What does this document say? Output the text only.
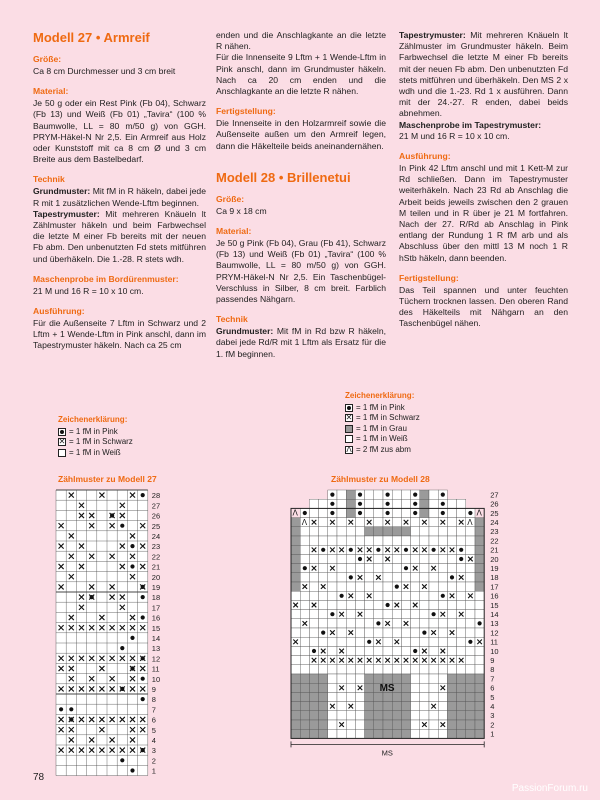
Modell 27 • Armreif
Größe:

Ca 8 cm Durchmesser und 3 cm breit

Material:

Je 50 g oder ein Rest Pink (Fb 04), Schwarz (Fb 13) und Weiß (Fb 01) „Tavira“ (100 % Baumwolle, LL = 80 m/50 g) von GGH. PRYM-Häkel-N Nr 2,5. Ein Armreif aus Holz oder Kunststoff mit ca 8 cm Ø und 3 cm Breite aus dem Bastelbedarf.

Technik

Grundmuster: Mit fM in R häkeln, dabei jede R mit 1 zusätzlichen Wende-Lftm beginnen.

Tapestrymuster: Mit mehreren Knäueln lt Zählmuster häkeln und beim Farbwechsel die letzte M einer Fb bereits mit der neuen Fb abm. Den unbenutzten Fd stets mitführen und überhäkeln. Die 1.-28. R stets wdh.

Maschenprobe im Bordürenmuster:

21 M und 16 R = 10 x 10 cm.

Ausführung:

Für die Außenseite 7 Lftm in Schwarz und 2 Lftm + 1 Wende-Lftm in Pink anschl, dann im Tapestrymuster häkeln. Nach ca 25 cm

enden und die Anschlagkante an die letzte R nähen.

Für die Innenseite 9 Lftm + 1 Wende-Lftm in Pink anschl, dann im Grundmuster häkeln. Nach ca 20 cm enden und die Anschlagkante an die letzte R nähen.

Fertigstellung:

Die Innenseite in den Holzarmreif sowie die Außenseite außen um den Armreif legen, dann die Häkelteile beids aneinandernähen.

Modell 28 • Brillenetui
Größe:

Ca 9 x 18 cm

Material:

Je 50 g Pink (Fb 04), Grau (Fb 41), Schwarz (Fb 13) und Weiß (Fb 01) „Tavira“ (100 % Baumwolle, LL = 80 m/50 g) von GGH. PRYM-Häkel-N Nr 2,5. Ein Taschenbügel-Verschluss in Silber, 8 cm breit. Farblich passendes Nähgarn.

Technik

Grundmuster: Mit fM in Rd bzw R häkeln, dabei jede Rd/R mit 1 Lftm als Ersatz für die 1. fM beginnen.

Tapestrymuster: Mit mehreren Knäueln lt Zählmuster im Grundmuster häkeln. Beim Farbwechsel die letzte M einer Fb bereits mit der neuen Fb abm. Den unbenutzten Fd stets mitführen und überhäkeln. Den MS 2 x wdh und die 1.-23. Rd 1 x ausführen. Dann mit der 24.-27. R enden, dabei beids abnehmen.

Maschenprobe im Tapestrymuster:
21 M und 16 R = 10 x 10 cm.

Ausführung:

In Pink 42 Lftm anschl und mit 1 Kett-M zur Rd schließen. Dann im Tapestrymuster weiterhäkeln. Nach 23 Rd ab Anschlag die Arbeit beids jeweils zwischen den 2 grauen M teilen und in R über je 21 M fortfahren. Nach der 27. R/Rd ab Anschlag in Pink entlang der Rundung 1 R fM arb und als Abschluss über den mittl 13 M noch 1 R hStb häkeln, dann beenden.

Fertigstellung:

Das Teil spannen und unter feuchten Tüchern trocknen lassen. Den oberen Rand des Häkelteils mit Nähgarn an den Taschenbügel nähen.

Zeichenerklärung:
= 1 fM in Pink
✕ = 1 fM in Schwarz
= 1 fM in Weiß
Zeichenerklärung:
= 1 fM in Pink
✕ = 1 fM in Schwarz
= 1 fM in Grau
= 1 fM in Weiß
Λ = 2 fM zus abm
Zählmuster zu Modell 27	Zählmuster zu Modell 28
28
27
26
25
24
23
22
21
20
19
18
17
16
15
14
13
12
11
10
9
8
7
6
5
4
3
2
1
Λ
Λ
Λ
Λ
MS
27
26
25
24
23
22
21
20
19
18
17
16
15
14
13
12
11
10
9
8
7
6
5
4
3
2
1
MS
78
PassionForum.ru
